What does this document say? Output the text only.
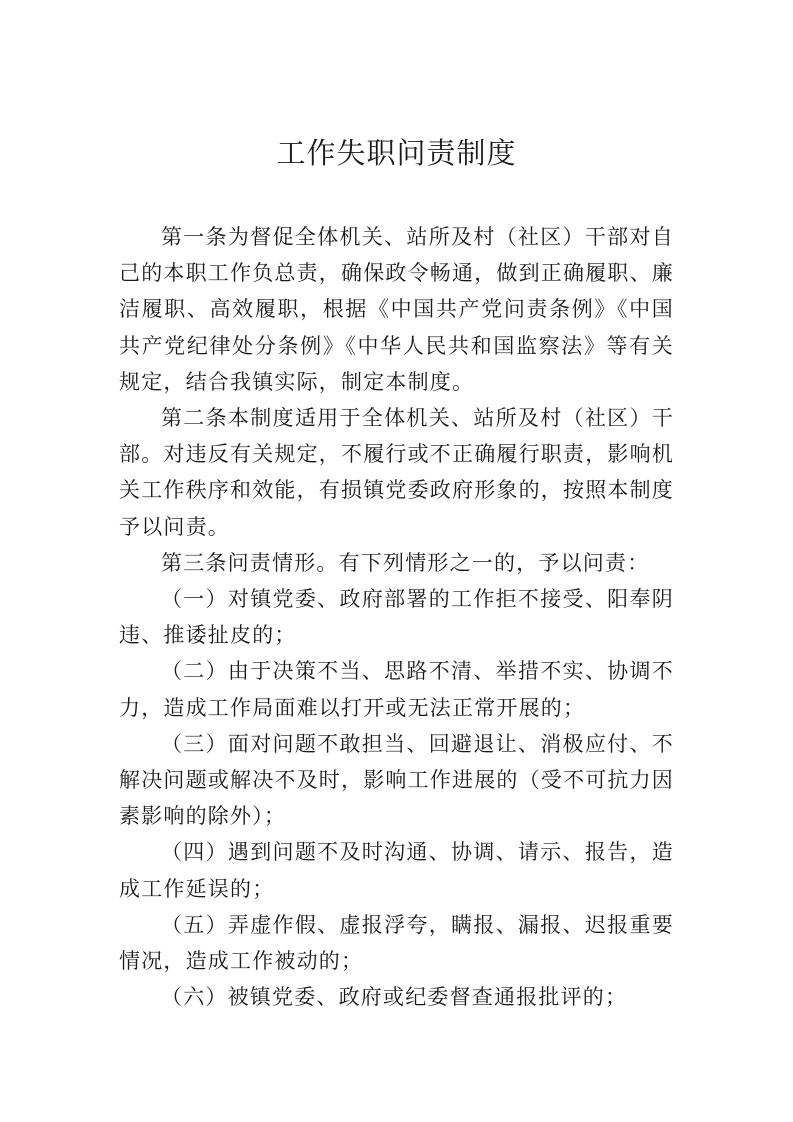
工作失职问责制度

第一条为督促全体机关、站所及村（社区）干部对自己的本职工作负总责，确保政令畅通，做到正确履职、廉洁履职、高效履职，根据《中国共产党问责条例》《中国共产党纪律处分条例》《中华人民共和国监察法》等有关规定，结合我镇实际，制定本制度。

第二条本制度适用于全体机关、站所及村（社区）干部。对违反有关规定，不履行或不正确履行职责，影响机关工作秩序和效能，有损镇党委政府形象的，按照本制度予以问责。

第三条问责情形。有下列情形之一的，予以问责：

（一）对镇党委、政府部署的工作拒不接受、阳奉阴违、推诿扯皮的；

（二）由于决策不当、思路不清、举措不实、协调不力，造成工作局面难以打开或无法正常开展的；

（三）面对问题不敢担当、回避退让、消极应付、不解决问题或解决不及时，影响工作进展的（受不可抗力因素影响的除外）；

（四）遇到问题不及时沟通、协调、请示、报告，造成工作延误的；

（五）弄虚作假、虚报浮夸，瞒报、漏报、迟报重要情况，造成工作被动的；

（六）被镇党委、政府或纪委督查通报批评的；
